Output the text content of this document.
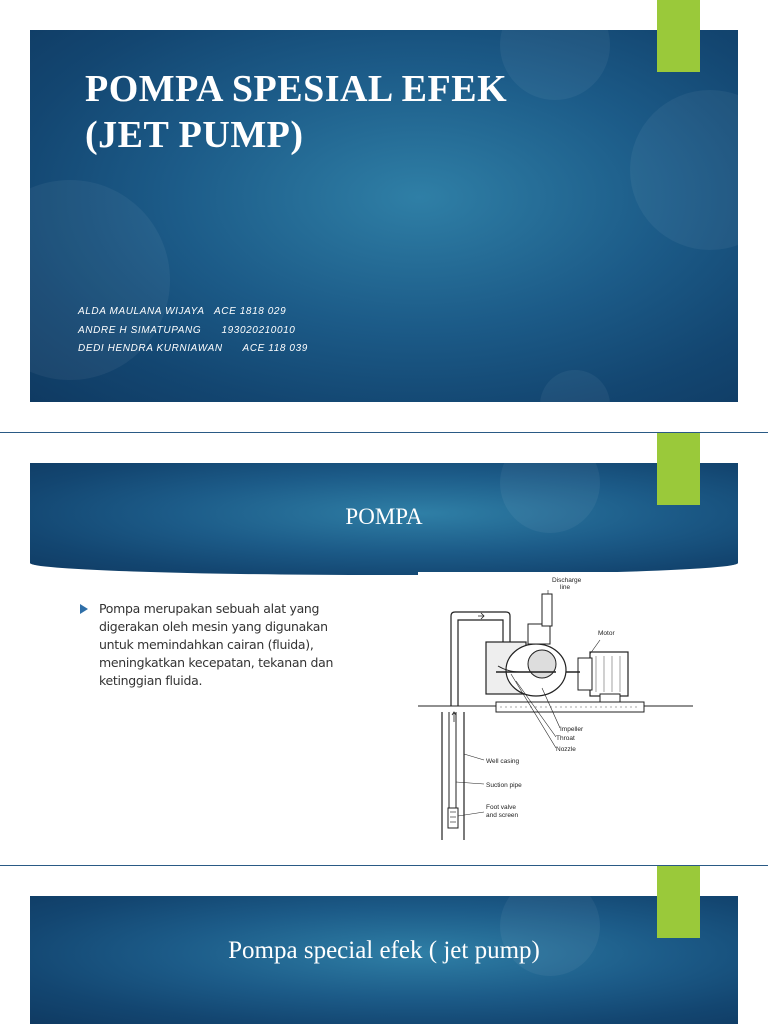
POMPA SPESIAL EFEK
(JET PUMP)
ALDA MAULANA WIJAYA   ACE 1818 029
ANDRE H SIMATUPANG      193020210010
DEDI HENDRA KURNIAWAN      ACE 118 039
POMPA

Pompa merupakan sebuah alat yang digerakan oleh mesin yang digunakan untuk memindahkan cairan (fluida), meningkatkan kecepatan, tekanan dan ketinggian fluida.

Discharge
line
Motor
Impeller
Throat
Nozzle
Well casing
Suction pipe
Foot valve
and screen
Pompa special efek ( jet pump)
